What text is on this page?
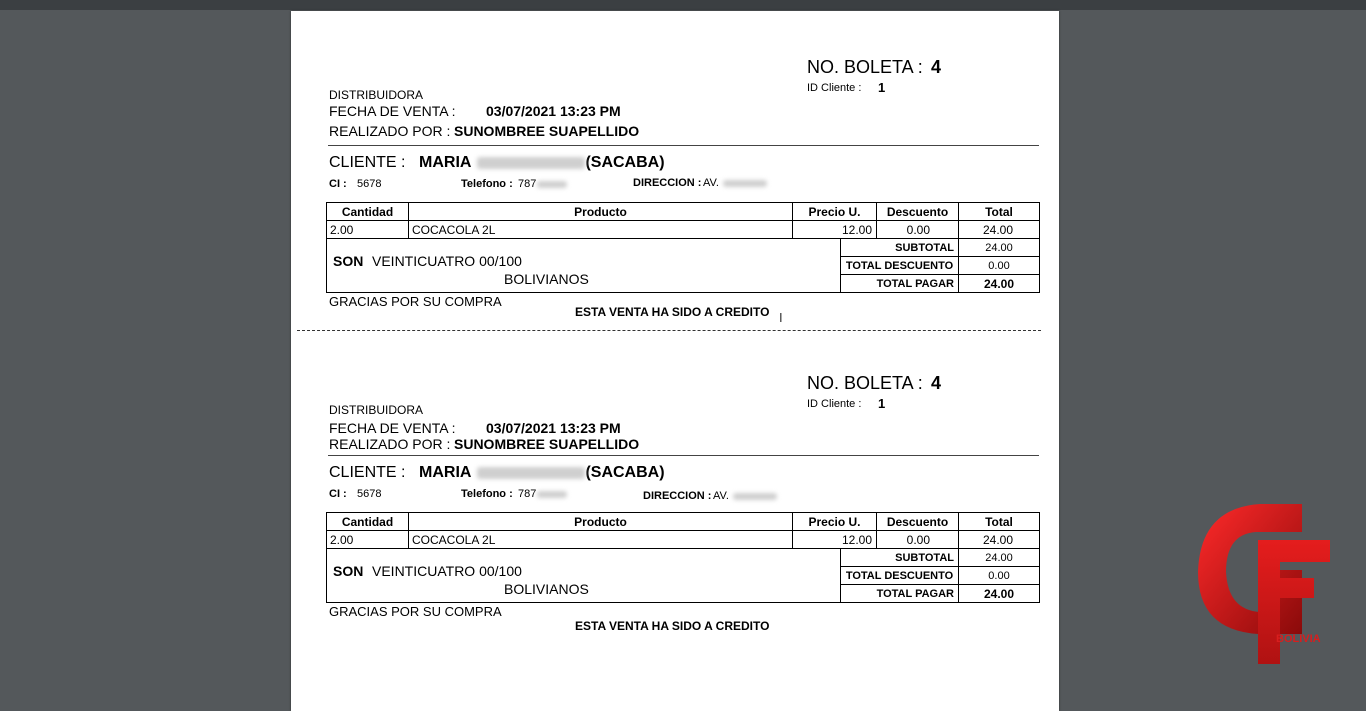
NO. BOLETA : 4
ID Cliente : 1
DISTRIBUIDORA
FECHA DE VENTA : 03/07/2021 13:23 PM
REALIZADO POR : SUNOMBREE SUAPELLIDO
CLIENTE : MARIA	(SACABA)
CI : 5678	Telefono : 787	DIRECCION : AV.
Cantidad	Producto	Precio U.	Descuento	Total
2.00	COCACOLA 2L	12.00	0.00	24.00
SUBTOTAL	24.00
TOTAL DESCUENTO	0.00
TOTAL PAGAR	24.00
SON VEINTICUATRO 00/100
BOLIVIANOS
GRACIAS POR SU COMPRA
ESTA VENTA HA SIDO A CREDITO Ι
NO. BOLETA : 4
ID Cliente : 1
DISTRIBUIDORA
FECHA DE VENTA : 03/07/2021 13:23 PM
REALIZADO POR : SUNOMBREE SUAPELLIDO
CLIENTE : MARIA	(SACABA)
CI : 5678	Telefono : 787	DIRECCION : AV.
Cantidad	Producto	Precio U.	Descuento	Total
2.00	COCACOLA 2L	12.00	0.00	24.00
SUBTOTAL	24.00
TOTAL DESCUENTO	0.00
TOTAL PAGAR	24.00
SON VEINTICUATRO 00/100
BOLIVIANOS
GRACIAS POR SU COMPRA
ESTA VENTA HA SIDO A CREDITO
BOLIVIA
